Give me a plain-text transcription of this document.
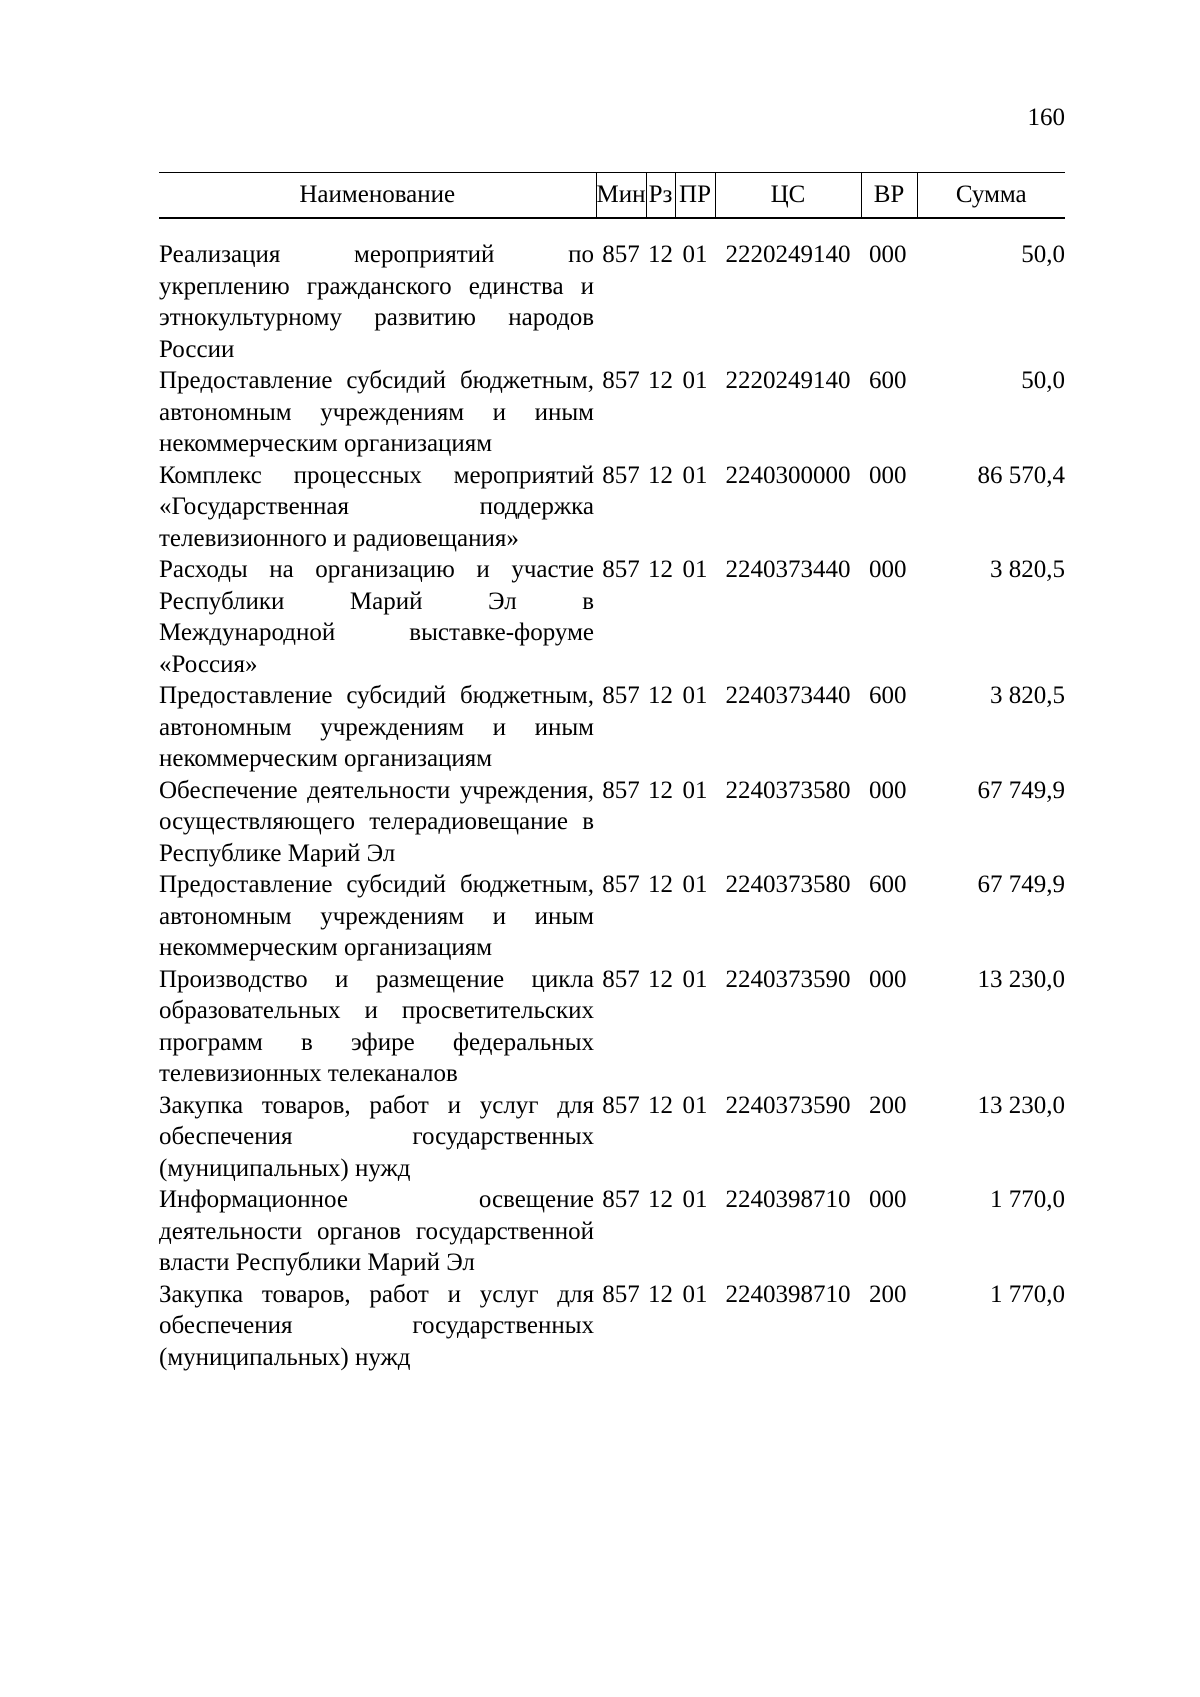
160
Наименование	Мин	Рз	ПР	ЦС	ВР	Сумма

Реализация мероприятий по укреплению гражданского единства и этнокультурному развитию народов России	857	12	01	2220249140	000	50,0
Предоставление субсидий бюджетным, автономным учреждениям и иным некоммерческим организациям	857	12	01	2220249140	600	50,0
Комплекс процессных мероприятий «Государственная поддержка телевизионного и радиовещания»	857	12	01	2240300000	000	86 570,4
Расходы на организацию и участие Республики Марий Эл в Международной выставке-форуме «Россия»	857	12	01	2240373440	000	3 820,5
Предоставление субсидий бюджетным, автономным учреждениям и иным некоммерческим организациям	857	12	01	2240373440	600	3 820,5
Обеспечение деятельности учреждения, осуществляющего телерадиовещание в Республике Марий Эл	857	12	01	2240373580	000	67 749,9
Предоставление субсидий бюджетным, автономным учреждениям и иным некоммерческим организациям	857	12	01	2240373580	600	67 749,9
Производство и размещение цикла образовательных и просветительских программ в эфире федеральных телевизионных телеканалов	857	12	01	2240373590	000	13 230,0
Закупка товаров, работ и услуг для обеспечения государственных (муниципальных) нужд	857	12	01	2240373590	200	13 230,0
Информационное освещение деятельности органов государственной власти Республики Марий Эл	857	12	01	2240398710	000	1 770,0
Закупка товаров, работ и услуг для обеспечения государственных (муниципальных) нужд	857	12	01	2240398710	200	1 770,0
